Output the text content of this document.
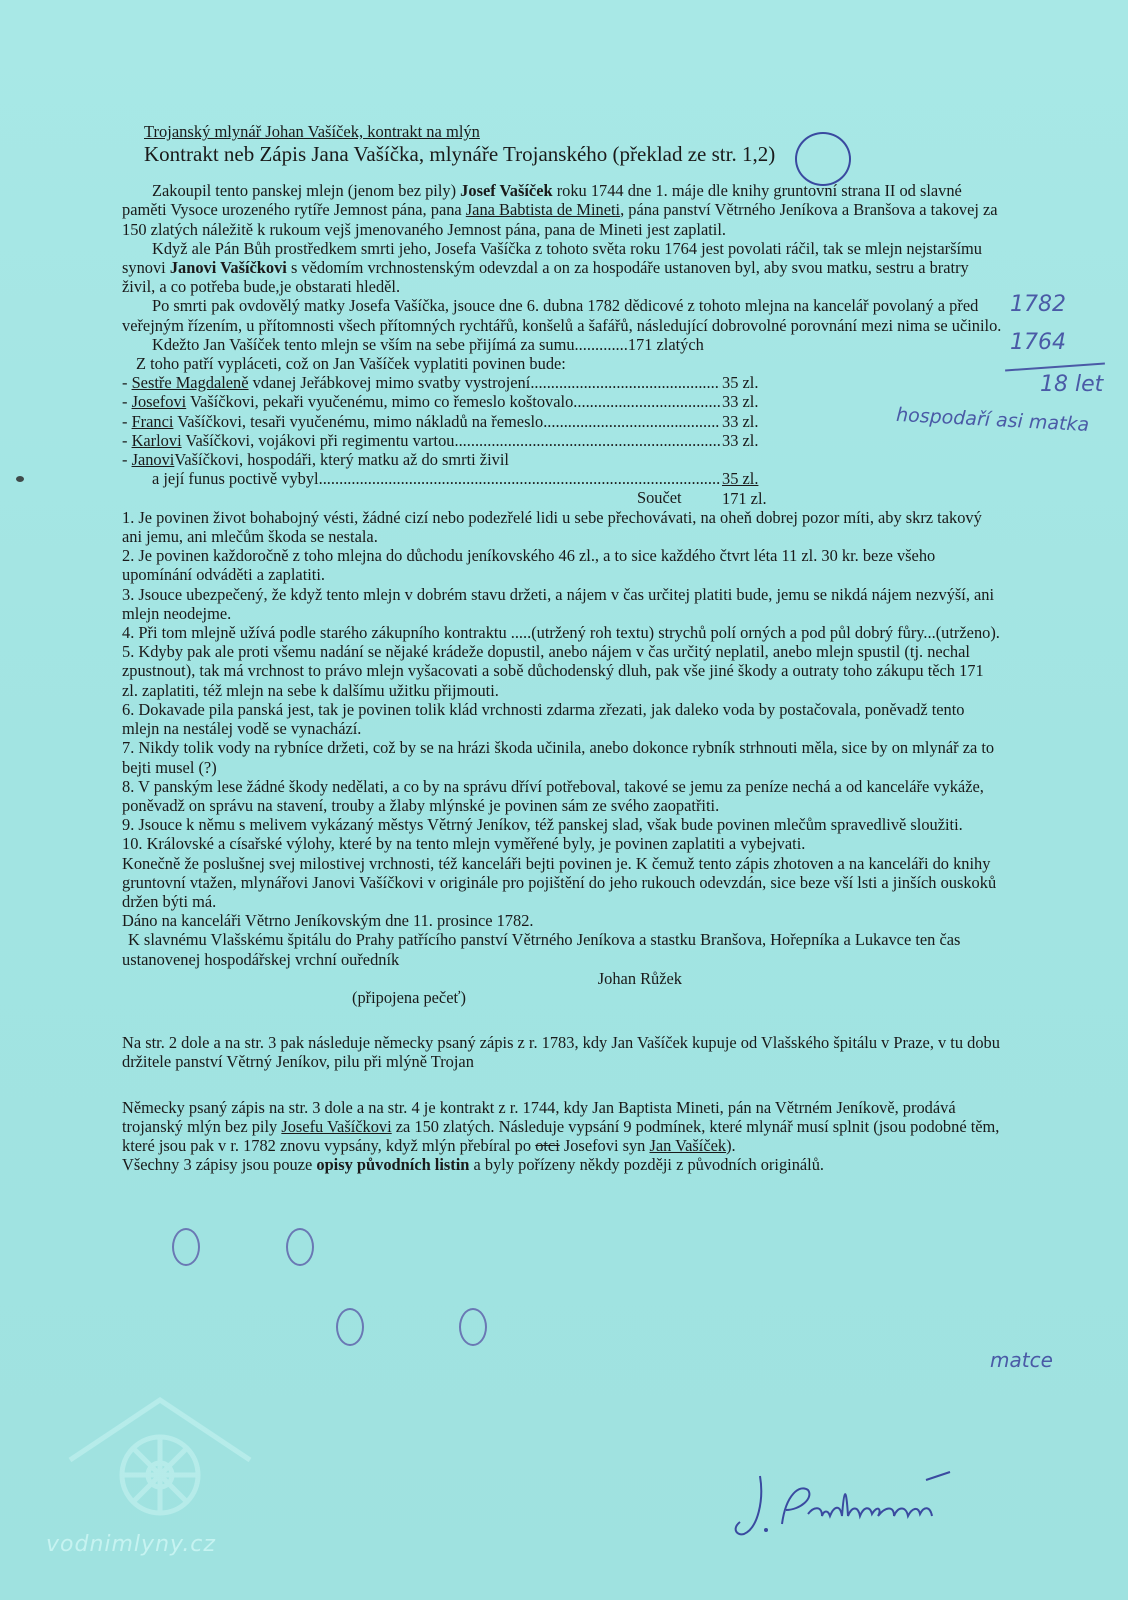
Trojanský mlynář Johan Vašíček, kontrakt na mlýn
Kontrakt neb Zápis Jana Vašíčka, mlynáře Trojanského (překlad ze str. 1,2)

Zakoupil tento panskej mlejn (jenom bez pily) Josef Vašíček roku 1744 dne 1. máje dle knihy gruntovní strana II od slavné paměti Vysoce urozeného rytíře Jemnost pána, pana Jana Babtista de Mineti, pána panství Větrného Jeníkova a Branšova a takovej za 150 zlatých náležitě k rukoum vejš jmenovaného Jemnost pána, pana de Mineti jest zaplatil.

Když ale Pán Bůh prostředkem smrti jeho, Josefa Vašíčka z tohoto světa roku 1764 jest povolati ráčil, tak se mlejn nejstaršímu synovi Janovi Vašíčkovi s vědomím vrchnostenským odevzdal a on za hospodáře ustanoven byl, aby svou matku, sestru a bratry živil, a co potřeba bude,je obstarati hleděl.

Po smrti pak ovdovělý matky Josefa Vašíčka, jsouce dne 6. dubna 1782 dědicové z tohoto mlejna na kancelář povolaný a před veřejným řízením, u přítomnosti všech přítomných rychtářů, konšelů a šafářů, následující dobrovolné porovnání mezi nima se učinilo.

Kdežto Jan Vašíček tento mlejn se vším na sebe přijímá za sumu.............171 zlatých

Z toho patří vypláceti, což on Jan Vašíček vyplatiti povinen bude:

- Sestře Magdaleně vdanej Jeřábkovej mimo svatby vystrojení .....	35 zl.
- Josefovi Vašíčkovi, pekaři vyučenému, mimo co řemeslo koštovalo .....	33 zl.
- Franci Vašíčkovi, tesaři vyučenému, mimo nákladů na řemeslo .....	33 zl.
- Karlovi Vašíčkovi, vojákovi při regimentu vartou .....	33 zl.
- JanoviVašíčkovi, hospodáři, který matku až do smrti živil
a její funus poctivě vybyl .....	35 zl.
Součet	171 zl.

1. Je povinen život bohabojný vésti, žádné cizí nebo podezřelé lidi u sebe přechovávati, na oheň dobrej pozor míti, aby skrz takový ani jemu, ani mlečům škoda se nestala.

2. Je povinen každoročně z toho mlejna do důchodu jeníkovského 46 zl., a to sice každého čtvrt léta 11 zl. 30 kr. beze všeho upomínání odváděti a zaplatiti.

3. Jsouce ubezpečený, že když tento mlejn v dobrém stavu držeti, a nájem v čas určitej platiti bude, jemu se nikdá nájem nezvýší, ani mlejn neodejme.

4. Při tom mlejně užívá podle starého zákupního kontraktu .....(utržený roh textu) strychů polí orných a pod půl dobrý fůry...(utrženo).

5. Kdyby pak ale proti všemu nadání se nějaké krádeže dopustil, anebo nájem v čas určitý neplatil, anebo mlejn spustil (tj. nechal zpustnout), tak má vrchnost to právo mlejn vyšacovati a sobě důchodenský dluh, pak vše jiné škody a outraty toho zákupu těch 171 zl. zaplatiti, též mlejn na sebe k dalšímu užitku přijmouti.

6. Dokavade pila panská jest, tak je povinen tolik klád vrchnosti zdarma zřezati, jak daleko voda by postačovala, poněvadž tento mlejn na nestálej vodě se vynachází.

7. Nikdy tolik vody na rybníce držeti, což by se na hrázi škoda učinila, anebo dokonce rybník strhnouti měla, sice by on mlynář za to bejti musel (?)

8. V panským lese žádné škody nedělati, a co by na správu dříví potřeboval, takové se jemu za peníze nechá a od kanceláře vykáže, poněvadž on správu na stavení, trouby a žlaby mlýnské je povinen sám ze svého zaopatřiti.

9. Jsouce k němu s melivem vykázaný městys Větrný Jeníkov, též panskej slad, však bude povinen mlečům spravedlivě sloužiti.

10. Královské a císařské výlohy, které by na tento mlejn vyměřené byly, je povinen zaplatiti a vybejvati.

Konečně že poslušnej svej milostivej vrchnosti, též kanceláři bejti povinen je. K čemuž tento zápis zhotoven a na kanceláři do knihy gruntovní vtažen, mlynářovi Janovi Vašíčkovi v originále pro pojištění do jeho rukouch odevzdán, sice beze vší lsti a jinších ouskoků držen býti má.

Dáno na kanceláři Větrno Jeníkovským dne 11. prosince 1782.

K slavnému Vlašskému špitálu do Prahy patřícího panství Větrného Jeníkova a stastku Branšova, Hořepníka a Lukavce ten čas ustanovenej hospodářskej vrchní ouředník

Johan Růžek

(připojena pečeť)

Na str. 2 dole a na str. 3 pak následuje německy psaný zápis z r. 1783, kdy Jan Vašíček kupuje od Vlašského špitálu v Praze, v tu dobu držitele panství Větrný Jeníkov, pilu při mlýně Trojan

Německy psaný zápis na str. 3 dole a na str. 4 je kontrakt z r. 1744, kdy Jan Baptista Mineti, pán na Větrném Jeníkově, prodává trojanský mlýn bez pily Josefu Vašíčkovi za 150 zlatých. Následuje vypsání 9 podmínek, které mlynář musí splnit (jsou podobné těm, které jsou pak v r. 1782 znovu vypsány, když mlýn přebíral po otci Josefovi syn Jan Vašíček).

Všechny 3 zápisy jsou pouze opisy původních listin a byly pořízeny někdy později z původních originálů.

1782
1764
18 let
hospodaří asi matka
matce
vodnimlyny.cz
